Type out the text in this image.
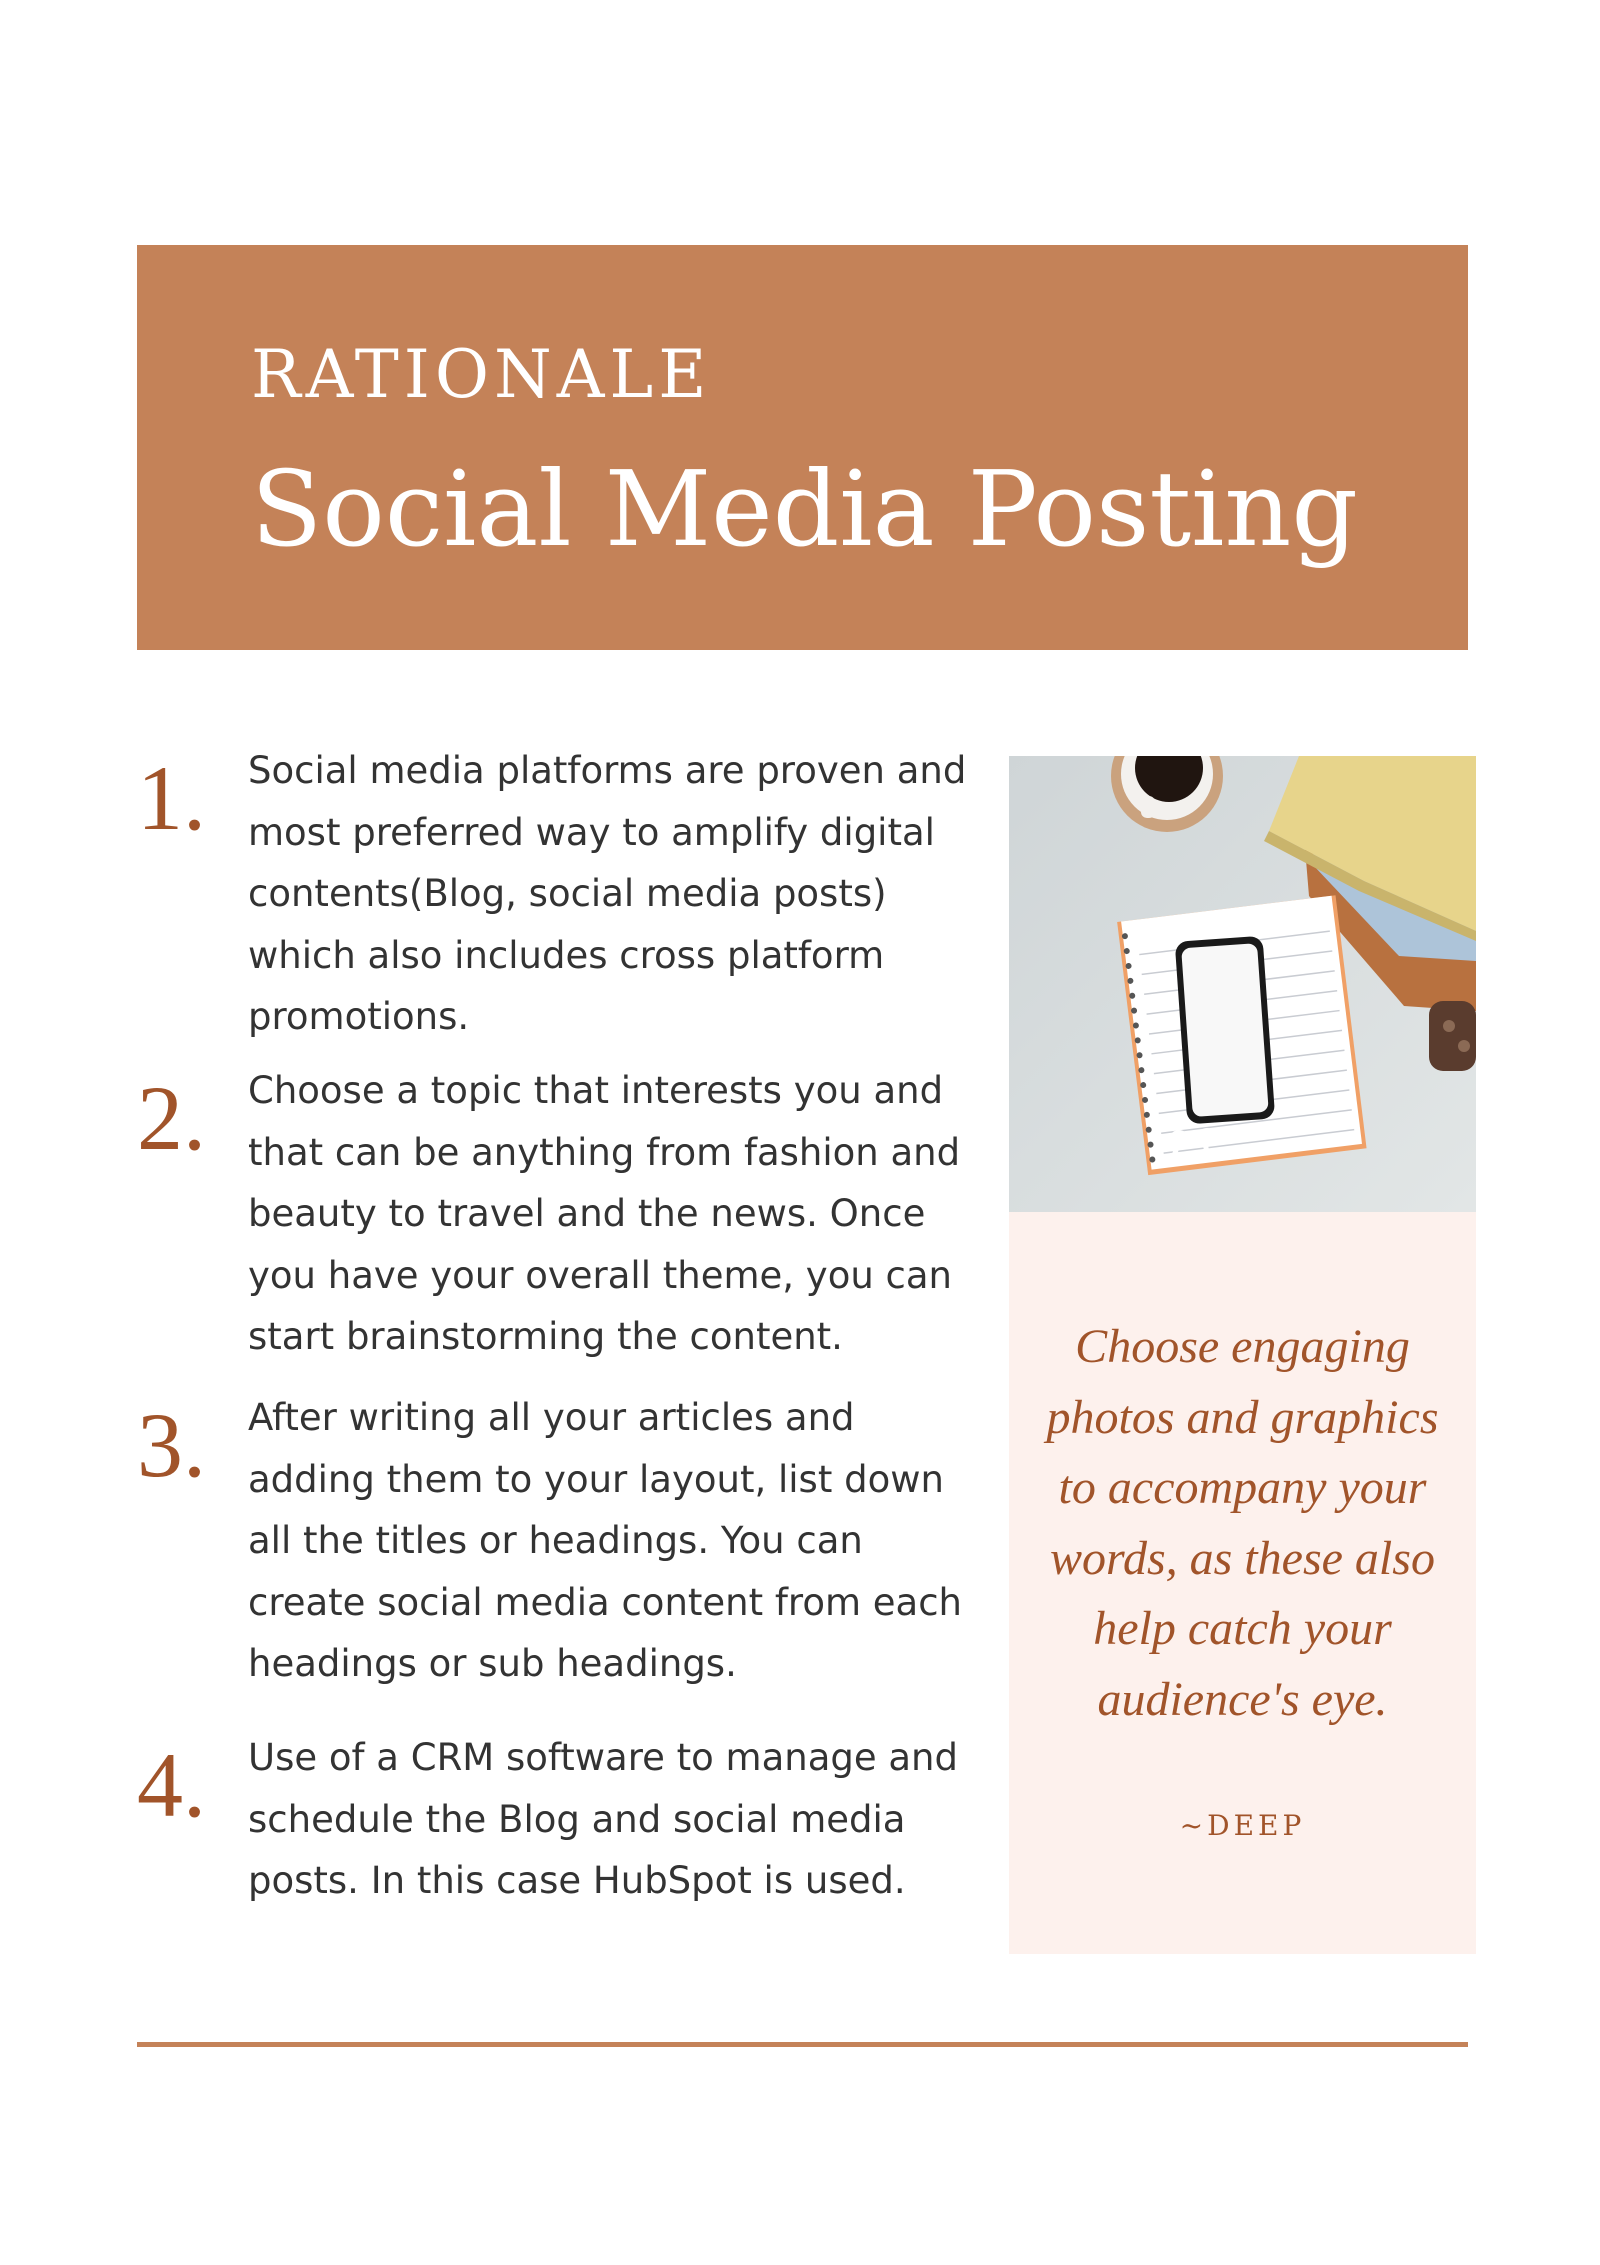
RATIONALE
Social Media Posting
1. Social media platforms are proven and most preferred way to amplify digital contents(Blog, social media posts) which also includes cross platform promotions.

2. Choose a topic that interests you and that can be anything from fashion and beauty to travel and the news. Once you have your overall theme, you can start brainstorming the content.

3. After writing all your articles and adding them to your layout, list down all the titles or headings. You can create social media content from each headings or sub headings.

4. Use of a CRM software to manage and schedule the Blog and social media posts. In this case HubSpot is used.

Choose engaging photos and graphics to accompany your words, as these also help catch your audience's eye.

~DEEP
